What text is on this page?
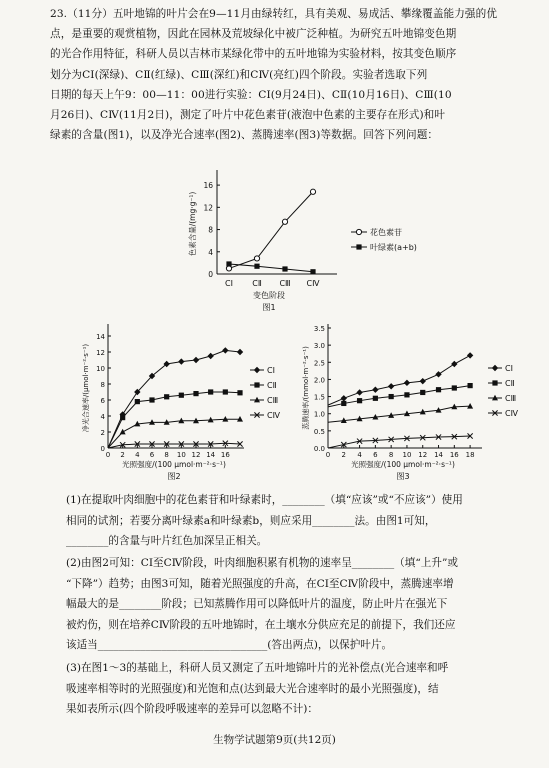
23.（11分）五叶地锦的叶片会在9—11月由绿转红，具有美观、易成活、攀缘覆盖能力强的优

点，是重要的观赏植物，因此在园林及荒坡绿化中被广泛种植。为研究五叶地锦变色期

的光合作用特征，科研人员以吉林市某绿化带中的五叶地锦为实验材料，按其变色顺序

划分为CⅠ(深绿)、CⅡ(红绿)、CⅢ(深红)和CⅣ(亮红)四个阶段。实验者选取下列

日期的每天上午9：00—11：00进行实验：CⅠ(9月24日)、CⅡ(10月16日)、CⅢ(10

月26日)、CⅣ(11月2日)，测定了叶片中花色素苷(液泡中色素的主要存在形式)和叶

绿素的含量(图1)，以及净光合速率(图2)、蒸腾速率(图3)等数据。回答下列问题：

0
4
8
12
16
CⅠ CⅡ CⅢ CⅣ
色素含量/(mg·g⁻¹)
变色阶段
图1
花色素苷
叶绿素(a+b)
0
2
4
6
8
10
12
14
0 2 4 6 8 10 12 14 16
净光合速率/(μmol·m⁻²·s⁻¹)
光照强度/(100 μmol·m⁻²·s⁻¹)
图2
CⅠ
CⅡ
CⅢ
CⅣ
0.0
0.5
1.0
1.5
2.0
2.5
3.0
3.5
0 2 4 6 8 10 12 14 16 18
蒸腾速率/(mmol·m⁻²·s⁻¹)
光照强度/(100 μmol·m⁻²·s⁻¹)
图3
CⅠ
CⅡ
CⅢ
CⅣ

(1)在提取叶肉细胞中的花色素苷和叶绿素时，________（填“应该”或“不应该”）使用

相同的试剂；若要分离叶绿素a和叶绿素b，则应采用________法。由图1可知，

________的含量与叶片红色加深呈正相关。

(2)由图2可知：CⅠ至CⅣ阶段，叶肉细胞积累有机物的速率呈________（填“上升”或

“下降”）趋势；由图3可知，随着光照强度的升高，在CⅠ至CⅣ阶段中，蒸腾速率增

幅最大的是________阶段；已知蒸腾作用可以降低叶片的温度，防止叶片在强光下

被灼伤，则在培养CⅣ阶段的五叶地锦时，在土壤水分供应充足的前提下，我们还应

该适当________________________________(答出两点)，以保护叶片。

(3)在图1～3的基础上，科研人员又测定了五叶地锦叶片的光补偿点(光合速率和呼

吸速率相等时的光照强度)和光饱和点(达到最大光合速率时的最小光照强度)，结

果如表所示(四个阶段呼吸速率的差异可以忽略不计)：

生物学试题第9页(共12页)
